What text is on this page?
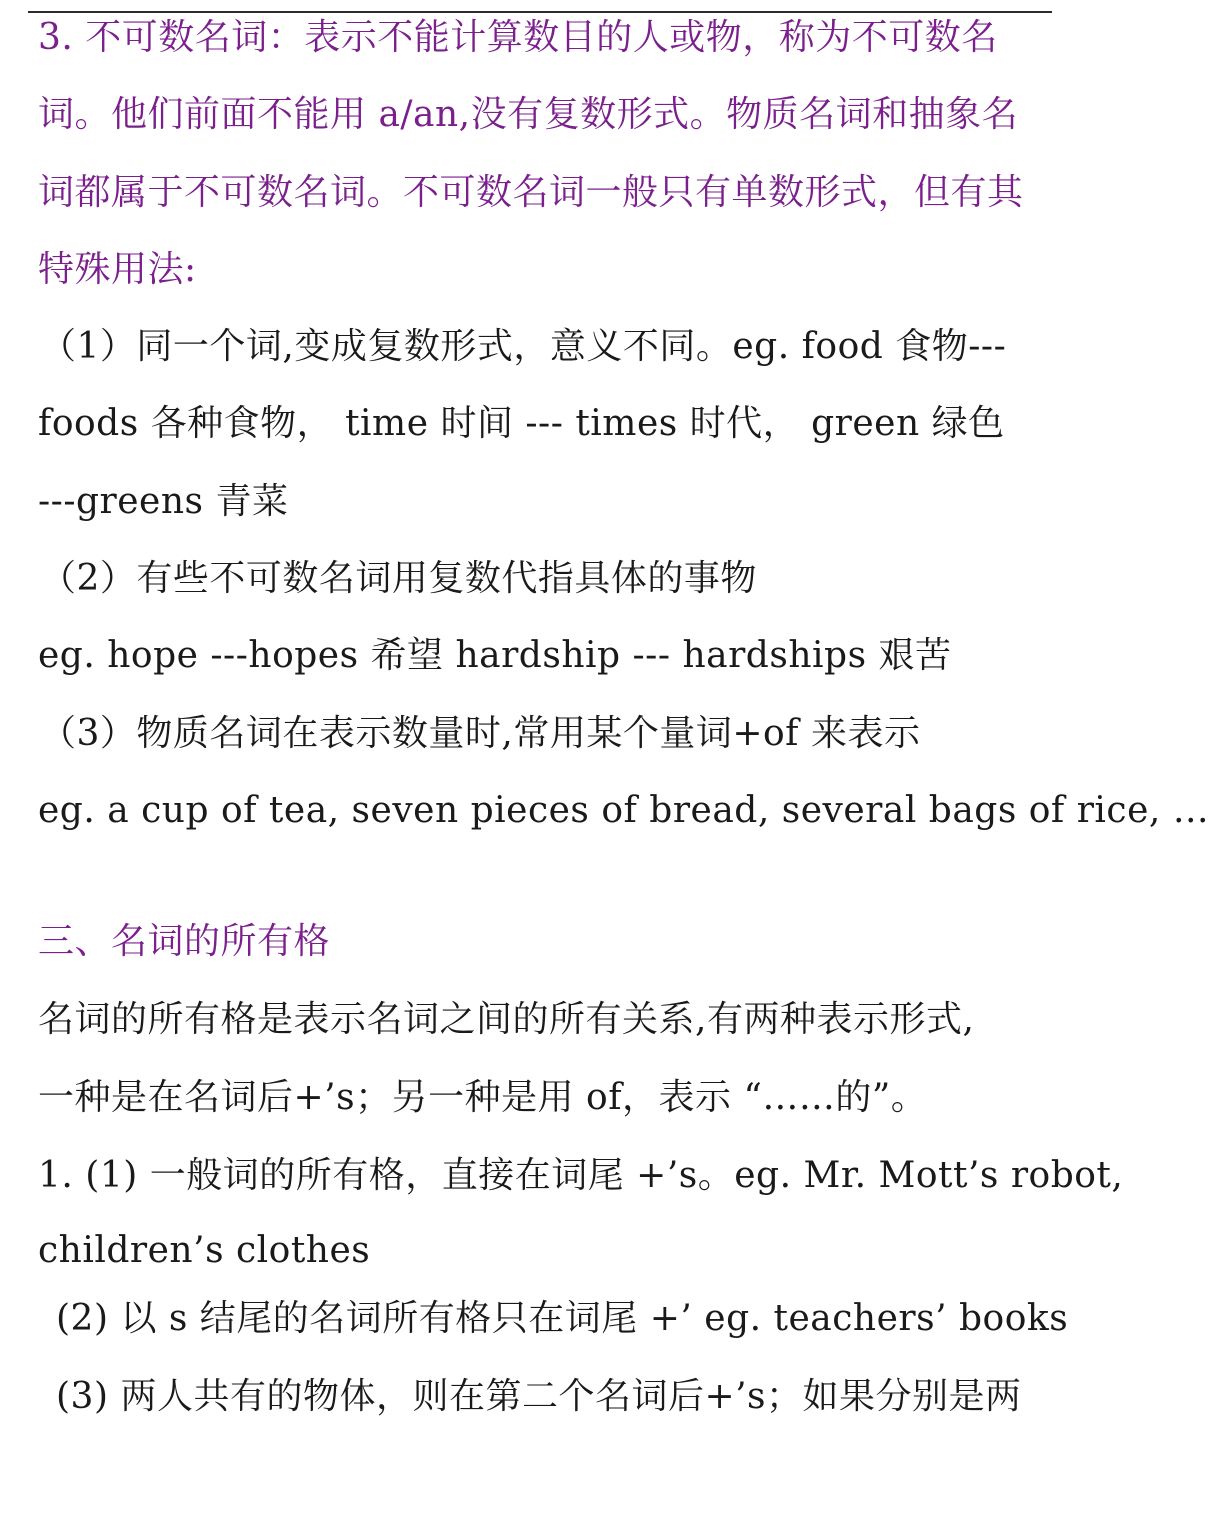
3. 不可数名词：表示不能计算数目的人或物，称为不可数名
词。他们前面不能用 a/an,没有复数形式。物质名词和抽象名
词都属于不可数名词。不可数名词一般只有单数形式，但有其
特殊用法:
（1）同一个词,变成复数形式，意义不同。eg. food 食物---
foods 各种食物， time 时间 --- times 时代， green 绿色
---greens 青菜
（2）有些不可数名词用复数代指具体的事物
eg. hope ---hopes 希望 hardship --- hardships 艰苦
（3）物质名词在表示数量时,常用某个量词+of 来表示
eg. a cup of tea, seven pieces of bread, several bags of rice, …
三、名词的所有格
名词的所有格是表示名词之间的所有关系,有两种表示形式,
一种是在名词后+’s；另一种是用 of，表示 “……的”。
1. (1) 一般词的所有格，直接在词尾 +’s。eg. Mr. Mott’s robot,
children’s clothes
(2) 以 s 结尾的名词所有格只在词尾 +’ eg. teachers’ books
(3) 两人共有的物体，则在第二个名词后+’s；如果分别是两
